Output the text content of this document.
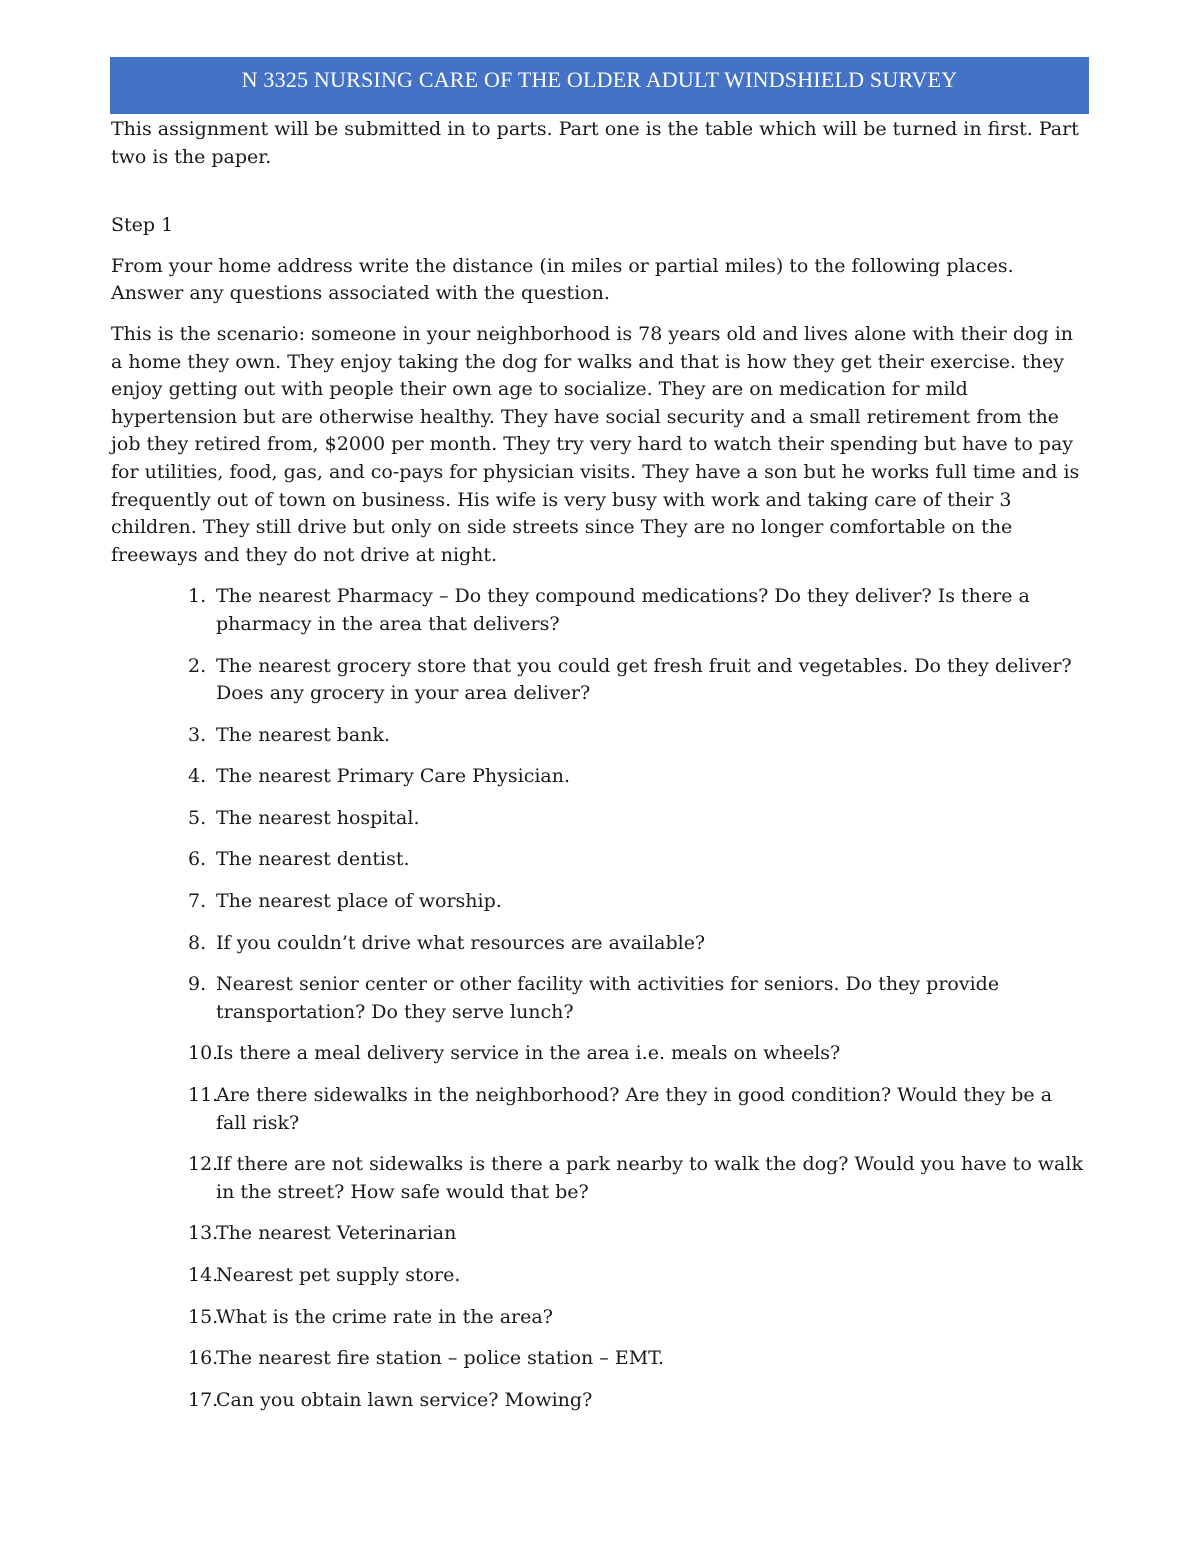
N 3325 NURSING CARE OF THE OLDER ADULT WINDSHIELD SURVEY

This assignment will be submitted in to parts. Part one is the table which will be turned in first. Part two is the paper.

Step 1

From your home address write the distance (in miles or partial miles) to the following places. Answer any questions associated with the question.

This is the scenario: someone in your neighborhood is 78 years old and lives alone with their dog in a home they own. They enjoy taking the dog for walks and that is how they get their exercise. they enjoy getting out with people their own age to socialize. They are on medication for mild hypertension but are otherwise healthy. They have social security and a small retirement from the job they retired from, $2000 per month. They try very hard to watch their spending but have to pay for utilities, food, gas, and co-pays for physician visits. They have a son but he works full time and is frequently out of town on business. His wife is very busy with work and taking care of their 3 children. They still drive but only on side streets since They are no longer comfortable on the freeways and they do not drive at night.

1. The nearest Pharmacy – Do they compound medications? Do they deliver? Is there a pharmacy in the area that delivers?
2. The nearest grocery store that you could get fresh fruit and vegetables. Do they deliver? Does any grocery in your area deliver?
3. The nearest bank.
4. The nearest Primary Care Physician.
5. The nearest hospital.
6. The nearest dentist.
7. The nearest place of worship.
8. If you couldn’t drive what resources are available?
9. Nearest senior center or other facility with activities for seniors. Do they provide transportation? Do they serve lunch?
10.
Is there a meal delivery service in the area i.e. meals on wheels?
11.
Are there sidewalks in the neighborhood? Are they in good condition? Would they be a fall risk?
12.
If there are not sidewalks is there a park nearby to walk the dog? Would you have to walk in the street? How safe would that be?
13.
The nearest Veterinarian
14.
Nearest pet supply store.
15.
What is the crime rate in the area?
16.
The nearest fire station – police station – EMT.
17.
Can you obtain lawn service? Mowing?
